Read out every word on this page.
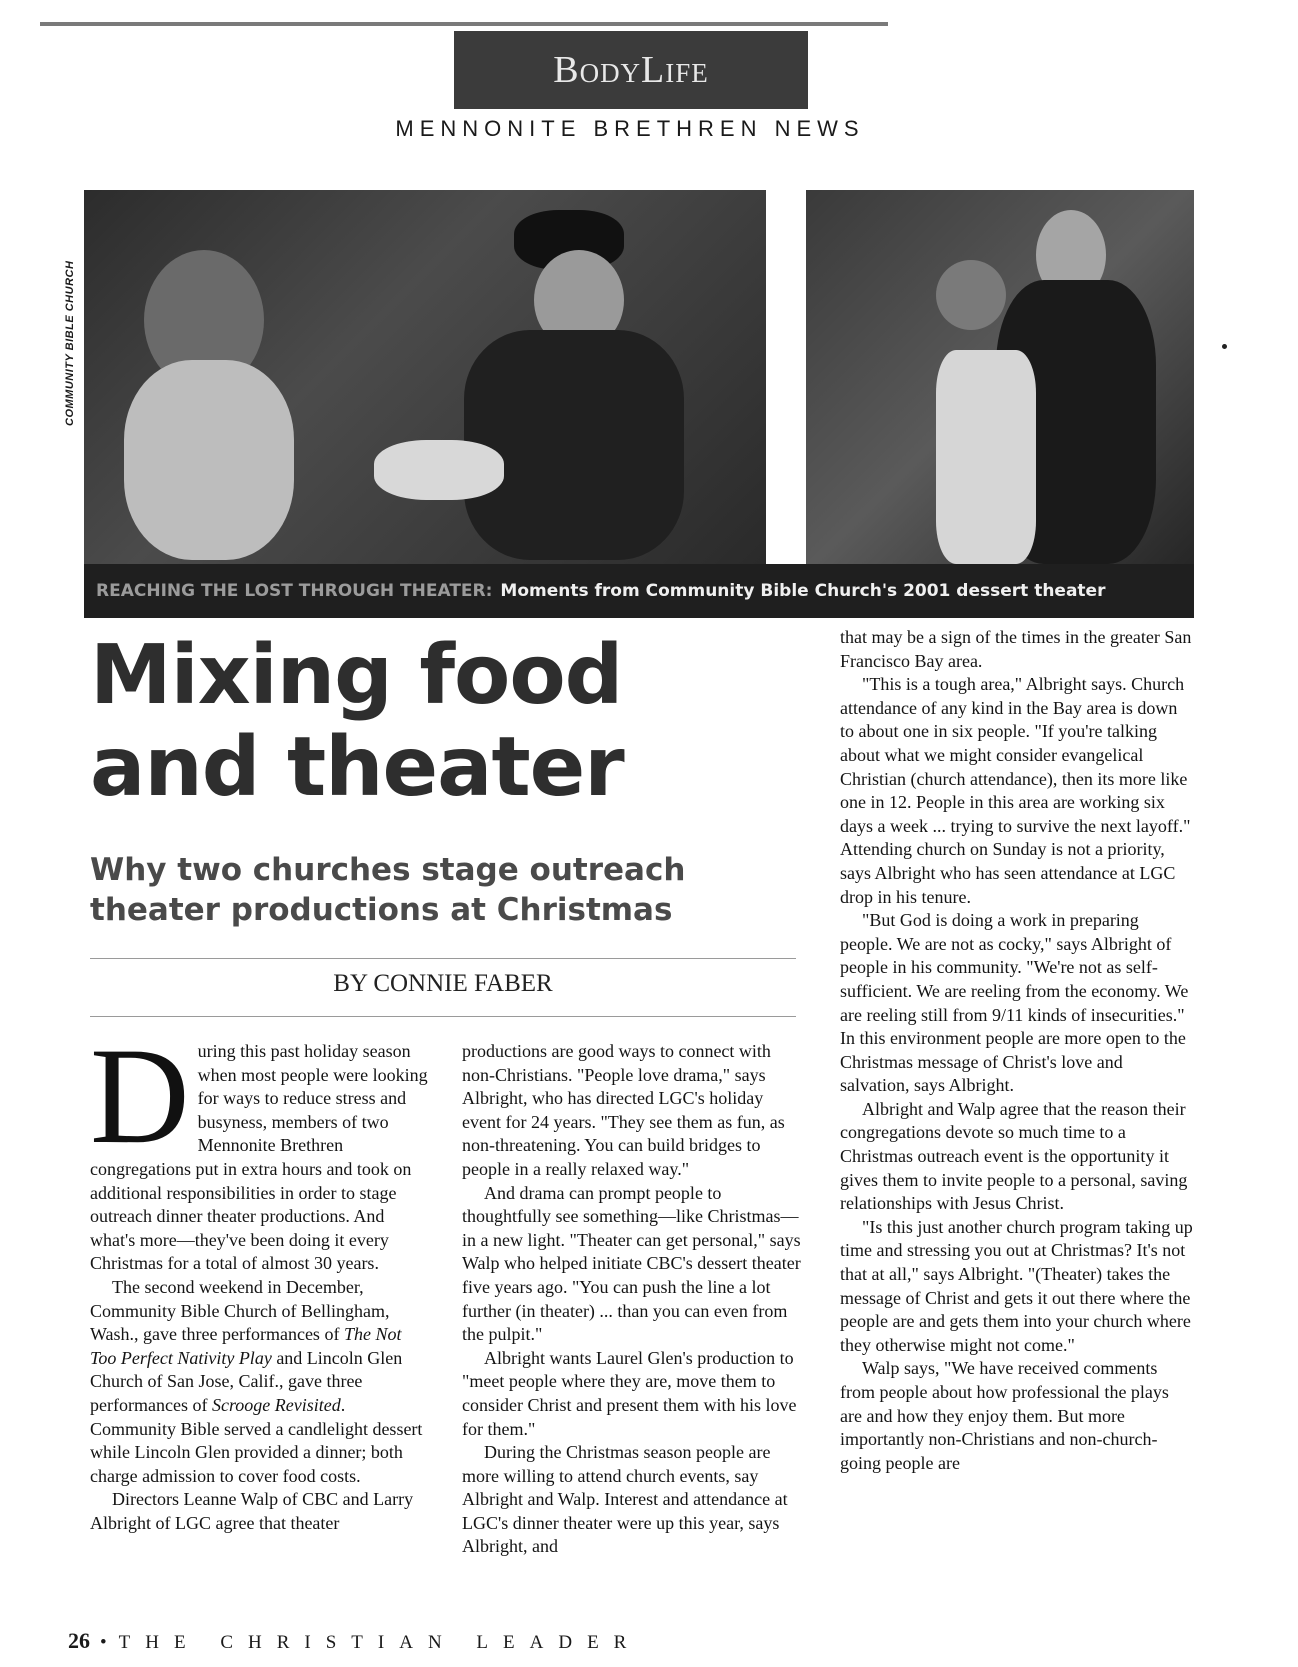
BodyLife
MENNONITE BRETHREN NEWS
COMMUNITY BIBLE CHURCH
REACHING THE LOST THROUGH THEATER: Moments from Community Bible Church's 2001 dessert theater
Mixing food
and theater
Why two churches stage outreach
theater productions at Christmas
BY CONNIE FABER

During this past holiday season when most people were looking for ways to reduce stress and busyness, members of two Mennonite Brethren congregations put in extra hours and took on additional responsibilities in order to stage outreach dinner theater productions. And what's more—they've been doing it every Christmas for a total of almost 30 years.

The second weekend in December, Community Bible Church of Bellingham, Wash., gave three performances of The Not Too Perfect Nativity Play and Lincoln Glen Church of San Jose, Calif., gave three performances of Scrooge Revisited. Community Bible served a candlelight dessert while Lincoln Glen provided a dinner; both charge admission to cover food costs.

Directors Leanne Walp of CBC and Larry Albright of LGC agree that theater

productions are good ways to connect with non-Christians. "People love drama," says Albright, who has directed LGC's holiday event for 24 years. "They see them as fun, as non-threatening. You can build bridges to people in a really relaxed way."

And drama can prompt people to thoughtfully see something—like Christmas—in a new light. "Theater can get personal," says Walp who helped initiate CBC's dessert theater five years ago. "You can push the line a lot further (in theater) ... than you can even from the pulpit."

Albright wants Laurel Glen's production to "meet people where they are, move them to consider Christ and present them with his love for them."

During the Christmas season people are more willing to attend church events, say Albright and Walp. Interest and attendance at LGC's dinner theater were up this year, says Albright, and

that may be a sign of the times in the greater San Francisco Bay area.

"This is a tough area," Albright says. Church attendance of any kind in the Bay area is down to about one in six people. "If you're talking about what we might consider evangelical Christian (church attendance), then its more like one in 12. People in this area are working six days a week ... trying to survive the next layoff." Attending church on Sunday is not a priority, says Albright who has seen attendance at LGC drop in his tenure.

"But God is doing a work in preparing people. We are not as cocky," says Albright of people in his community. "We're not as self-sufficient. We are reeling from the economy. We are reeling still from 9/11 kinds of insecurities." In this environment people are more open to the Christmas message of Christ's love and salvation, says Albright.

Albright and Walp agree that the reason their congregations devote so much time to a Christmas outreach event is the opportunity it gives them to invite people to a personal, saving relationships with Jesus Christ.

"Is this just another church program taking up time and stressing you out at Christmas? It's not that at all," says Albright. "(Theater) takes the message of Christ and gets it out there where the people are and gets them into your church where they otherwise might not come."

Walp says, "We have received comments from people about how professional the plays are and how they enjoy them. But more importantly non-Christians and non-church-going people are

26 • THE CHRISTIAN LEADER
